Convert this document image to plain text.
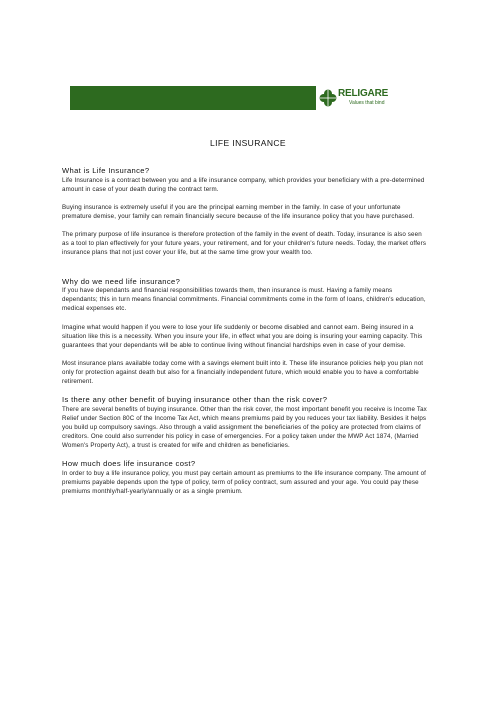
RELIGARE
Values that bind
LIFE INSURANCE
What is Life Insurance?

Life Insurance is a contract between you and a life insurance company, which provides your beneficiary with a pre-determined amount in case of your death during the contract term.

Buying insurance is extremely useful if you are the principal earning member in the family. In case of your unfortunate premature demise, your family can remain financially secure because of the life insurance policy that you have purchased.

The primary purpose of life insurance is therefore protection of the family in the event of death. Today, insurance is also seen as a tool to plan effectively for your future years, your retirement, and for your children's future needs. Today, the market offers insurance plans that not just cover your life, but at the same time grow your wealth too.

Why do we need life insurance?

If you have dependants and financial responsibilities towards them, then insurance is must. Having a family means dependants; this in turn means financial commitments. Financial commitments come in the form of loans, children's education, medical expenses etc.

Imagine what would happen if you were to lose your life suddenly or become disabled and cannot earn. Being insured in a situation like this is a necessity. When you insure your life, in effect what you are doing is insuring your earning capacity. This guarantees that your dependants will be able to continue living without financial hardships even in case of your demise.

Most insurance plans available today come with a savings element built into it. These life insurance policies help you plan not only for protection against death but also for a financially independent future, which would enable you to have a comfortable retirement.

Is there any other benefit of buying insurance other than the risk cover?

There are several benefits of buying insurance. Other than the risk cover, the most important benefit you receive is Income Tax Relief under Section 80C of the Income Tax Act, which means premiums paid by you reduces your tax liability. Besides it helps you build up compulsory savings. Also through a valid assignment the beneficiaries of the policy are protected from claims of creditors. One could also surrender his policy in case of emergencies. For a policy taken under the MWP Act 1874, (Married Women's Property Act), a trust is created for wife and children as beneficiaries.

How much does life insurance cost?

In order to buy a life insurance policy, you must pay certain amount as premiums to the life insurance company. The amount of premiums payable depends upon the type of policy, term of policy contract, sum assured and your age. You could pay these premiums monthly/half-yearly/annually or as a single premium.
